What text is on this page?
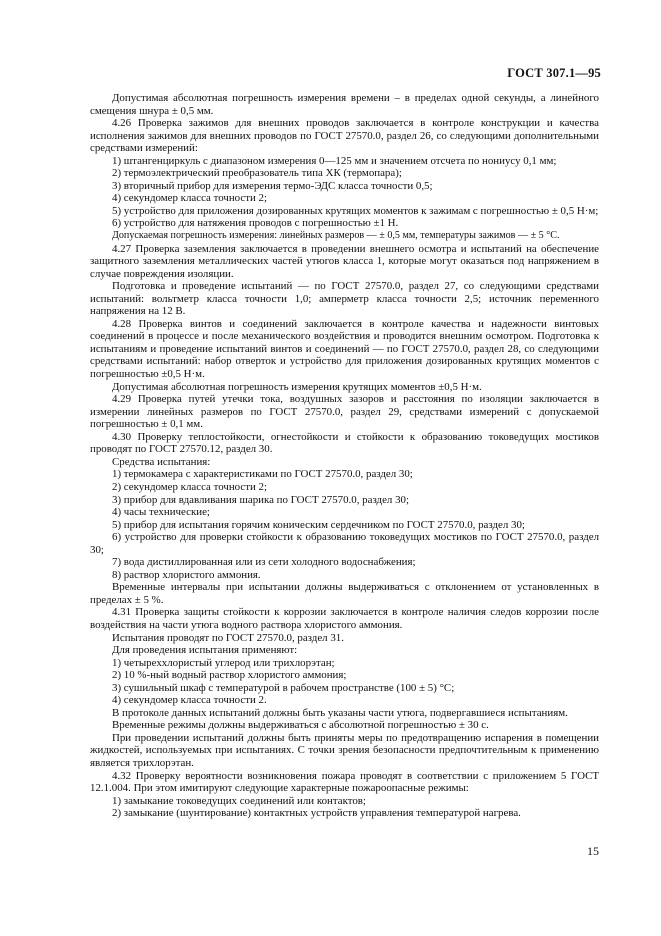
ГОСТ 307.1—95

Допустимая абсолютная погрешность измерения времени – в пределах одной секунды, а линейного смещения шнура ± 0,5 мм.

4.26 Проверка зажимов для внешних проводов заключается в контроле конструкции и качества исполнения зажимов для внешних проводов по ГОСТ 27570.0, раздел 26, со следующими дополнительными средствами измерений:

1) штангенциркуль с диапазоном измерения 0—125 мм и значением отсчета по нониусу 0,1 мм;

2) термоэлектрический преобразователь типа ХК (термопара);

3) вторичный прибор для измерения термо-ЭДС класса точности 0,5;

4) секундомер класса точности 2;

5) устройство для приложения дозированных крутящих моментов к зажимам с погрешностью ± 0,5 Н·м;

6) устройство для натяжения проводов с погрешностью ±1 Н.

Допускаемая погрешность измерения: линейных размеров — ± 0,5 мм, температуры зажимов — ± 5 °С.

4.27 Проверка заземления заключается в проведении внешнего осмотра и испытаний на обеспечение защитного заземления металлических частей утюгов класса 1, которые могут оказаться под напряжением в случае повреждения изоляции.

Подготовка и проведение испытаний — по ГОСТ 27570.0, раздел 27, со следующими средствами испытаний: вольтметр класса точности 1,0; амперметр класса точности 2,5; источник переменного напряжения на 12 В.

4.28 Проверка винтов и соединений заключается в контроле качества и надежности винтовых соединений в процессе и после механического воздействия и проводится внешним осмотром. Подготовка к испытаниям и проведение испытаний винтов и соединений — по ГОСТ 27570.0, раздел 28, со следующими средствами испытаний: набор отверток и устройство для приложения дозированных крутящих моментов с погрешностью ±0,5 Н·м.

Допустимая абсолютная погрешность измерения крутящих моментов ±0,5 Н·м.

4.29 Проверка путей утечки тока, воздушных зазоров и расстояния по изоляции заключается в измерении линейных размеров по ГОСТ 27570.0, раздел 29, средствами измерений с допускаемой погрешностью ± 0,1 мм.

4.30 Проверку теплостойкости, огнестойкости и стойкости к образованию токоведущих мостиков проводят по ГОСТ 27570.12, раздел 30.

Средства испытания:

1) термокамера с характеристиками по ГОСТ 27570.0, раздел 30;

2) секундомер класса точности 2;

3) прибор для вдавливания шарика по ГОСТ 27570.0, раздел 30;

4) часы технические;

5) прибор для испытания горячим коническим сердечником по ГОСТ 27570.0, раздел 30;

6) устройство для проверки стойкости к образованию токоведущих мостиков по ГОСТ 27570.0, раздел 30;

7) вода дистиллированная или из сети холодного водоснабжения;

8) раствор хлористого аммония.

Временные интервалы при испытании должны выдерживаться с отклонением от установленных в пределах ± 5 %.

4.31 Проверка защиты стойкости к коррозии заключается в контроле наличия следов коррозии после воздействия на части утюга водного раствора хлористого аммония.

Испытания проводят по ГОСТ 27570.0, раздел 31.

Для проведения испытания применяют:

1) четыреххлористый углерод или трихлорэтан;

2) 10 %-ный водный раствор хлористого аммония;

3) сушильный шкаф с температурой в рабочем пространстве (100 ± 5) °С;

4) секундомер класса точности 2.

В протоколе данных испытаний должны быть указаны части утюга, подвергавшиеся испытаниям.

Временные режимы должны выдерживаться с абсолютной погрешностью ± 30 с.

При проведении испытаний должны быть приняты меры по предотвращению испарения в помещении жидкостей, используемых при испытаниях. С точки зрения безопасности предпочтительным к применению является трихлорэтан.

4.32 Проверку вероятности возникновения пожара проводят в соответствии с приложением 5 ГОСТ 12.1.004. При этом имитируют следующие характерные пожароопасные режимы:

1) замыкание токоведущих соединений или контактов;

2) замыкание (шунтирование) контактных устройств управления температурой нагрева.

15
